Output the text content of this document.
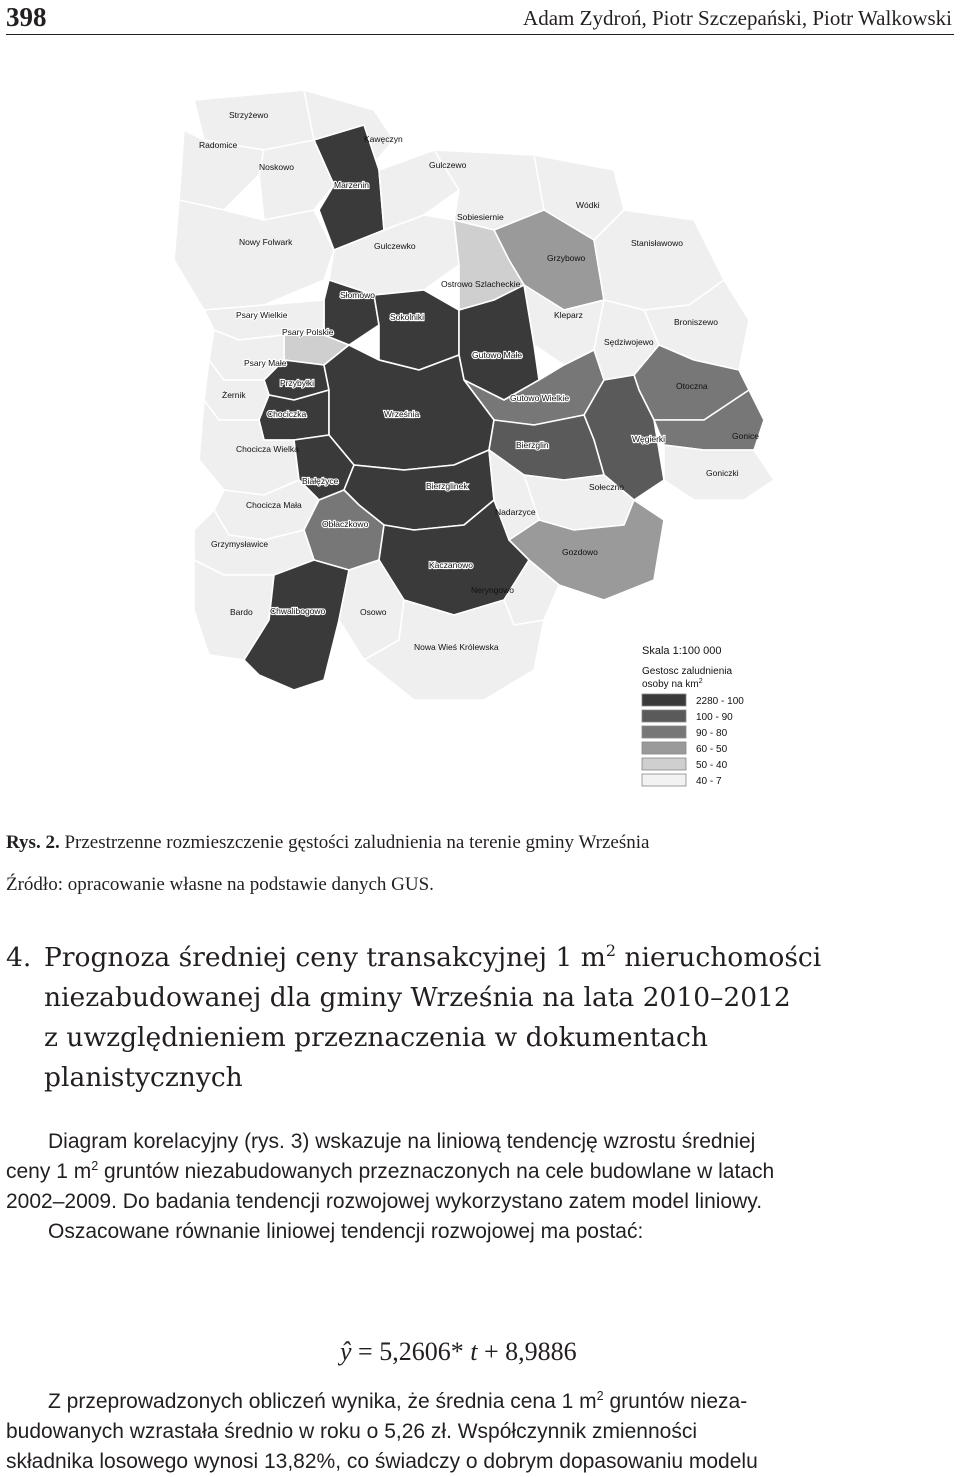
398	Adam Zydroń, Piotr Szczepański, Piotr Walkowski
Strzyżewo
Radomice
Kawęczyn
Noskowo
Marzenin
Gulczewo
Sobiesiernie
Wódki
Nowy Folwark	Gulczewko
Grzybowo
Stanisławowo
Ostrowo Szlacheckie
Słomowo
Psary Wielkie	Sokolniki	Kleparz
Broniszewo
Psary Polskie
Sędziwojewo
Gutowo Małe
Psary Małe
Otoczna
Przybyłki
Żernik	Gutowo Wielkie
Chociczka	Września
Węgierki	Gonice
Bierzglin
Chocicza Wielka
Goniczki
Białężyce	Bierzglinek	Sołeczno
Chocicza Mała
Nadarzyce
Obłaczkowo
Grzymysławice
Gozdowo
Kaczanowo
Neryngowo
Bardo Chwalibogowo	Osowo
Nowa Wieś Królewska	Skala 1:100 000
Gestosc zaludnienia
osoby na $km^2$
2280 - 100
100 - 90
90 - 80
60 - 50
50 - 40
40 - 7
Rys. 2. Przestrzenne rozmieszczenie gęstości zaludnienia na terenie gminy Września
Źródło: opracowanie własne na podstawie danych GUS.
4. Prognoza średniej ceny transakcyjnej 1 $m^2$ nieruchomości
niezabudowanej dla gminy Września na lata 2010–2012
z uwzględnieniem przeznaczenia w dokumentach
planistycznych
Diagram korelacyjny (rys. 3) wskazuje na liniową tendencję wzrostu średniej
ceny 1 $m^2$ gruntów niezabudowanych przeznaczonych na cele budowlane w latach
2002–2009. Do badania tendencji rozwojowej wykorzystano zatem model liniowy.
Oszacowane równanie liniowej tendencji rozwojowej ma postać:
ŷ = 5,2606* t + 8,9886
Z przeprowadzonych obliczeń wynika, że średnia cena 1 $m^2$ gruntów nieza-
budowanych wzrastała średnio w roku o 5,26 zł. Współczynnik zmienności
składnika losowego wynosi 13,82%, co świadczy o dobrym dopasowaniu modelu
